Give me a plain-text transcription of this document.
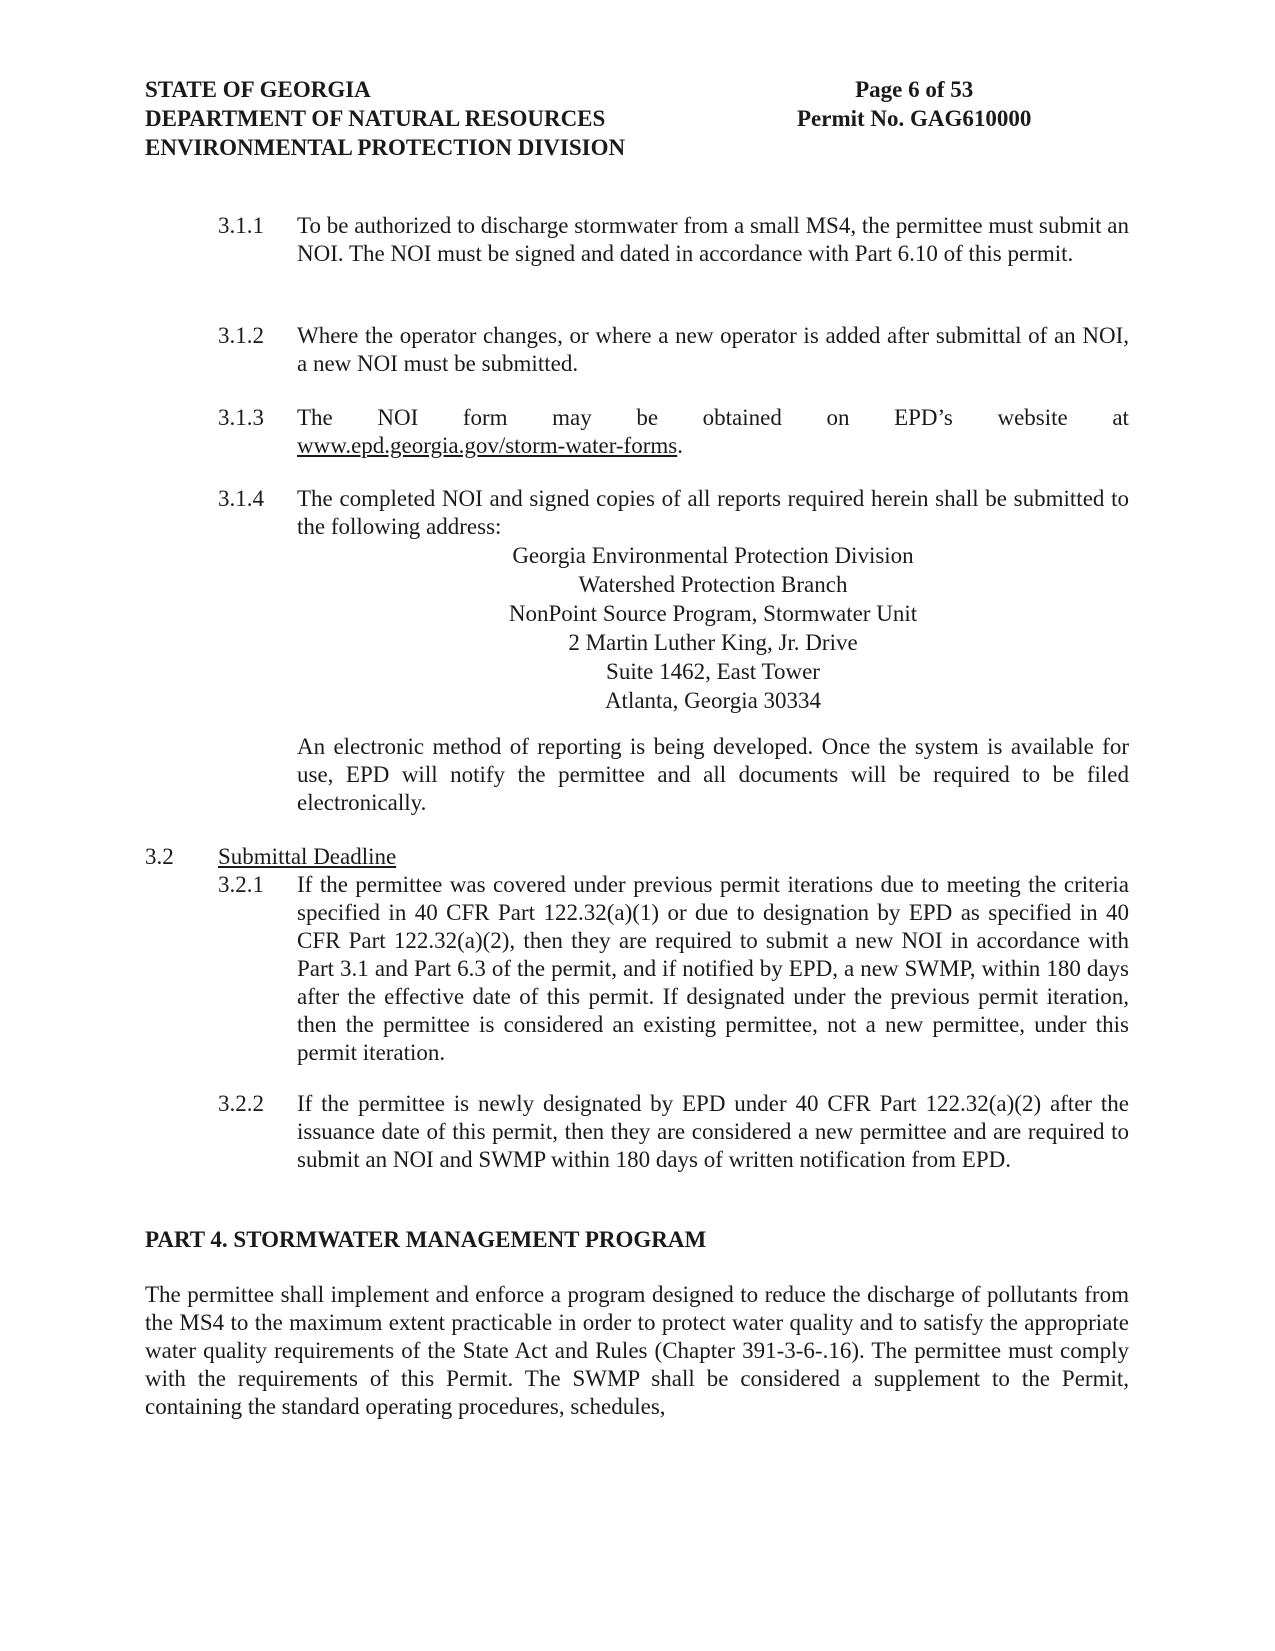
STATE OF GEORGIA
DEPARTMENT OF NATURAL RESOURCES
ENVIRONMENTAL PROTECTION DIVISION
Page 6 of 53
Permit No. GAG610000
3.1.1 To be authorized to discharge stormwater from a small MS4, the permittee must submit an NOI. The NOI must be signed and dated in accordance with Part 6.10 of this permit.
3.1.2 Where the operator changes, or where a new operator is added after submittal of an NOI, a new NOI must be submitted.
3.1.3 The NOI form may be obtained on EPD’s website at
www.epd.georgia.gov/storm-water-forms.
3.1.4 The completed NOI and signed copies of all reports required herein shall be submitted to the following address:
Georgia Environmental Protection Division
Watershed Protection Branch
NonPoint Source Program, Stormwater Unit
2 Martin Luther King, Jr. Drive
Suite 1462, East Tower
Atlanta, Georgia 30334
An electronic method of reporting is being developed. Once the system is available for use, EPD will notify the permittee and all documents will be required to be filed electronically.
3.2 Submittal Deadline
3.2.1 If the permittee was covered under previous permit iterations due to meeting the criteria specified in 40 CFR Part 122.32(a)(1) or due to designation by EPD as specified in 40 CFR Part 122.32(a)(2), then they are required to submit a new NOI in accordance with Part 3.1 and Part 6.3 of the permit, and if notified by EPD, a new SWMP, within 180 days after the effective date of this permit. If designated under the previous permit iteration, then the permittee is considered an existing permittee, not a new permittee, under this permit iteration.
3.2.2 If the permittee is newly designated by EPD under 40 CFR Part 122.32(a)(2) after the issuance date of this permit, then they are considered a new permittee and are required to submit an NOI and SWMP within 180 days of written notification from EPD.
PART 4. STORMWATER MANAGEMENT PROGRAM
The permittee shall implement and enforce a program designed to reduce the discharge of pollutants from the MS4 to the maximum extent practicable in order to protect water quality and to satisfy the appropriate water quality requirements of the State Act and Rules (Chapter 391-3-6-.16). The permittee must comply with the requirements of this Permit. The SWMP shall be considered a supplement to the Permit, containing the standard operating procedures, schedules,
